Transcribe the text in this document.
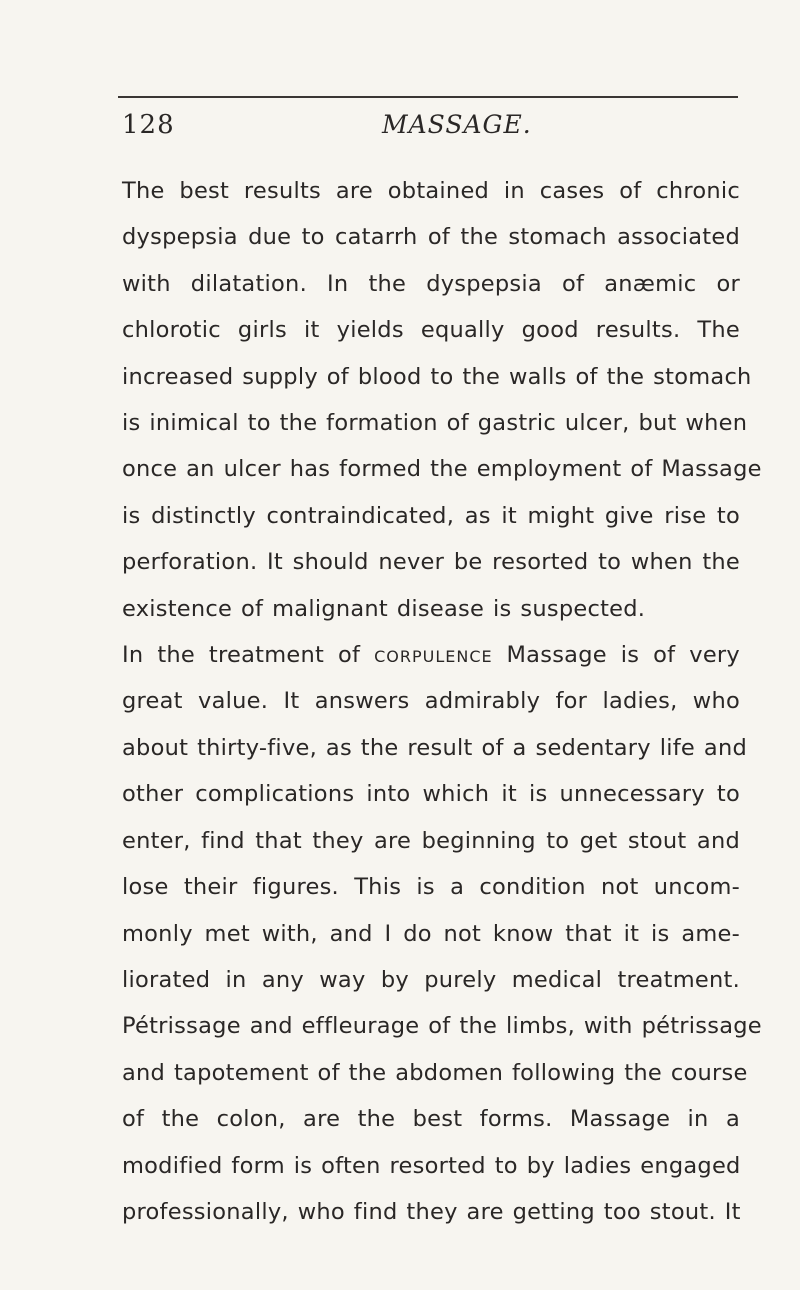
128	MASSAGE.
The best results are obtained in cases of chronic
dyspepsia due to catarrh of the stomach associated
with dilatation. In the dyspepsia of anæmic or
chlorotic girls it yields equally good results. The
increased supply of blood to the walls of the stomach
is inimical to the formation of gastric ulcer, but when
once an ulcer has formed the employment of Massage
is distinctly contraindicated, as it might give rise to
perforation. It should never be resorted to when the
existence of malignant disease is suspected.
In the treatment of corpulence Massage is of very
great value. It answers admirably for ladies, who
about thirty-five, as the result of a sedentary life and
other complications into which it is unnecessary to
enter, find that they are beginning to get stout and
lose their figures. This is a condition not uncom-
monly met with, and I do not know that it is ame-
liorated in any way by purely medical treatment.
Pétrissage and effleurage of the limbs, with pétrissage
and tapotement of the abdomen following the course
of the colon, are the best forms. Massage in a
modified form is often resorted to by ladies engaged
professionally, who find they are getting too stout. It
